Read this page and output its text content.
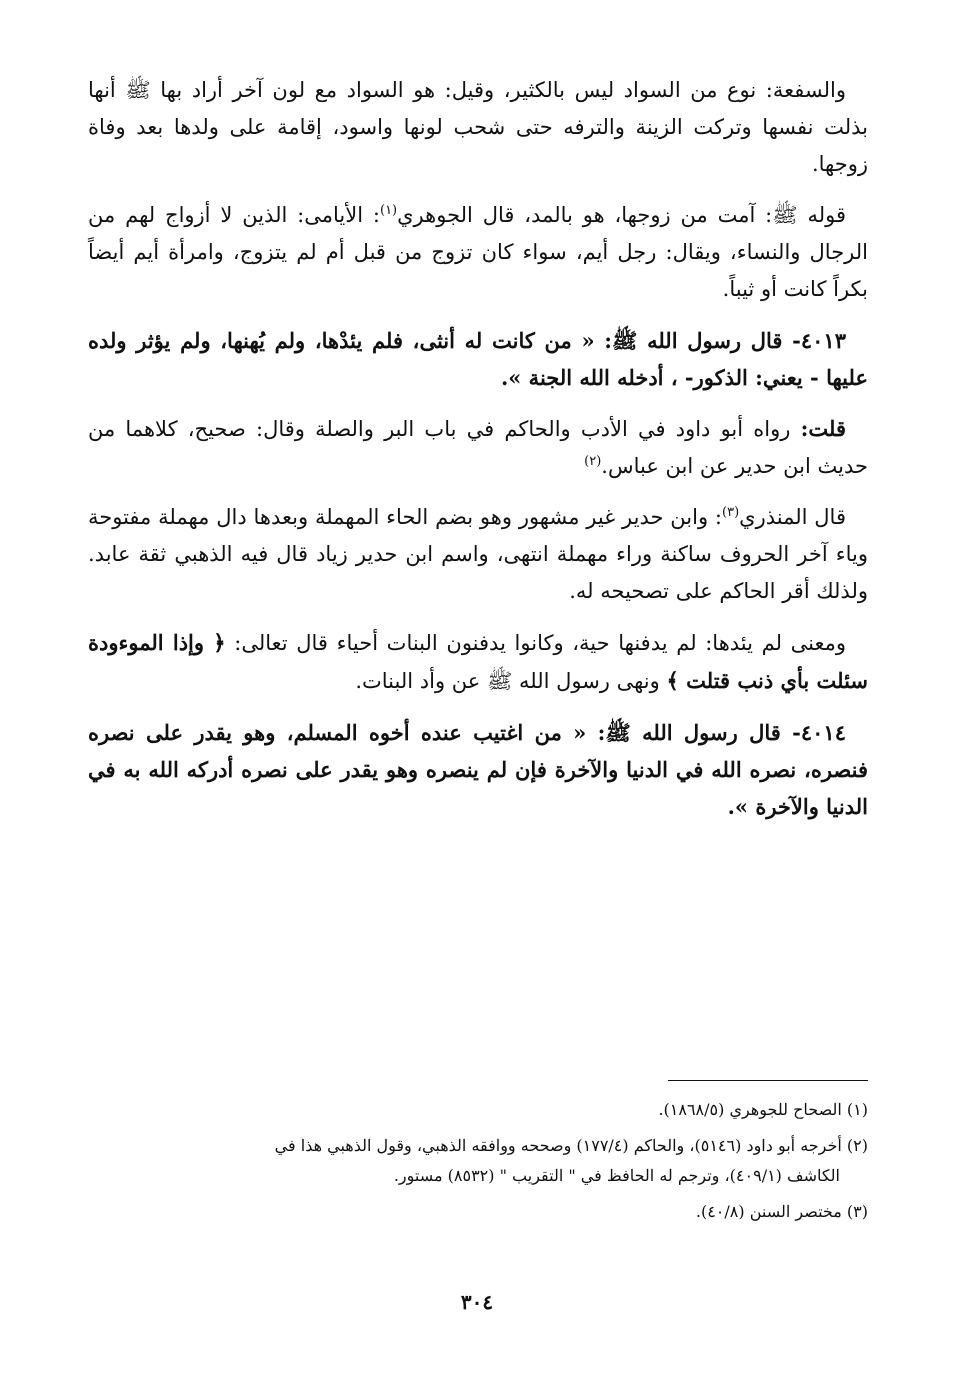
والسفعة: نوع من السواد ليس بالكثير، وقيل: هو السواد مع لون آخر أراد بها ﷺ أنها بذلت نفسها وتركت الزينة والترفه حتى شحب لونها واسود، إقامة على ولدها بعد وفاة زوجها.

قوله ﷺ: آمت من زوجها، هو بالمد، قال الجوهري$^{(١)}$: الأيامى: الذين لا أزواج لهم من الرجال والنساء، ويقال: رجل أيم، سواء كان تزوج من قبل أم لم يتزوج، وامرأة أيم أيضاً بكراً كانت أو ثيباً.

٤٠١٣- قال رسول الله ﷺ: « من كانت له أنثى، فلم يئدْها، ولم يُهنها، ولم يؤثر ولده عليها - يعني: الذكور- ، أدخله الله الجنة ».

قلت: رواه أبو داود في الأدب والحاكم في باب البر والصلة وقال: صحيح، كلاهما من حديث ابن حدير عن ابن عباس.$^{(٢)}$

قال المنذري$^{(٣)}$: وابن حدير غير مشهور وهو بضم الحاء المهملة وبعدها دال مهملة مفتوحة وياء آخر الحروف ساكنة وراء مهملة انتهى، واسم ابن حدير زياد قال فيه الذهبي ثقة عابد. ولذلك أقر الحاكم على تصحيحه له.

ومعنى لم يئدها: لم يدفنها حية، وكانوا يدفنون البنات أحياء قال تعالى: ﴿ وإذا الموءودة سئلت بأي ذنب قتلت ﴾ ونهى رسول الله ﷺ عن وأد البنات.

٤٠١٤- قال رسول الله ﷺ: « من اغتيب عنده أخوه المسلم، وهو يقدر على نصره فنصره، نصره الله في الدنيا والآخرة فإن لم ينصره وهو يقدر على نصره أدركه الله به في الدنيا والآخرة ».

(١) الصحاح للجوهري (١٨٦٨/٥).

(٢) أخرجه أبو داود (٥١٤٦)، والحاكم (١٧٧/٤) وصححه ووافقه الذهبي، وقول الذهبي هذا في
الكاشف (٤٠٩/١)، وترجم له الحافظ في " التقريب " (٨٥٣٢) مستور.

(٣) مختصر السنن (٤٠/٨).

٣٠٤
